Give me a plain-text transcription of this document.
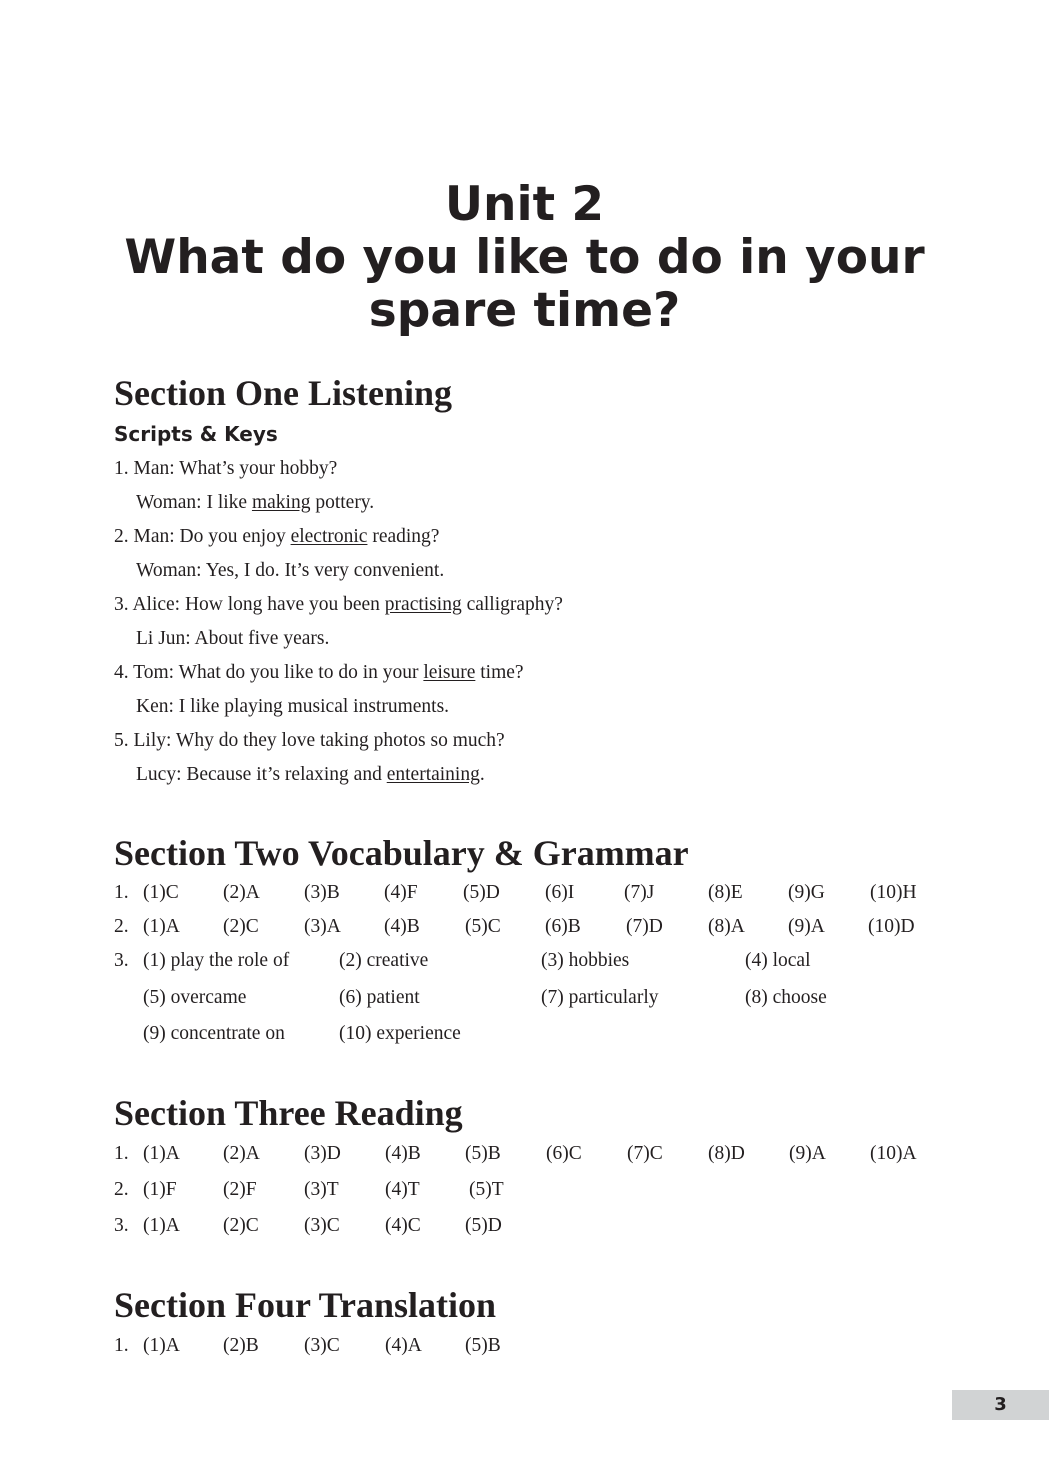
Unit 2
What do you like to do in your
spare time?
Section One Listening
Scripts & Keys
1. Man: What’s your hobby?
Woman: I like making pottery.
2. Man: Do you enjoy electronic reading?
Woman: Yes, I do. It’s very convenient.
3. Alice: How long have you been practising calligraphy?
Li Jun: About five years.
4. Tom: What do you like to do in your leisure time?
Ken: I like playing musical instruments.
5. Lily: Why do they love taking photos so much?
Lucy: Because it’s relaxing and entertaining.
Section Two Vocabulary & Grammar
1. (1)C (2)A (3)B (4)F (5)D (6)I	(7)J	(8)E (9)G (10)H
2. (1)A (2)C (3)A (4)B (5)C (6)B (7)D (8)A (9)A (10)D
3. (1) play the role of	(2) creative	(3) hobbies	(4) local
(5) overcame	(6) patient	(7) particularly	(8) choose
(9) concentrate on	(10) experience
Section Three Reading
1. (1)A (2)A (3)D (4)B (5)B (6)C (7)C (8)D (9)A (10)A
2. (1)F (2)F (3)T (4)T	(5)T
3. (1)A (2)C (3)C (4)C (5)D
Section Four Translation
1. (1)A (2)B (3)C (4)A (5)B
3
